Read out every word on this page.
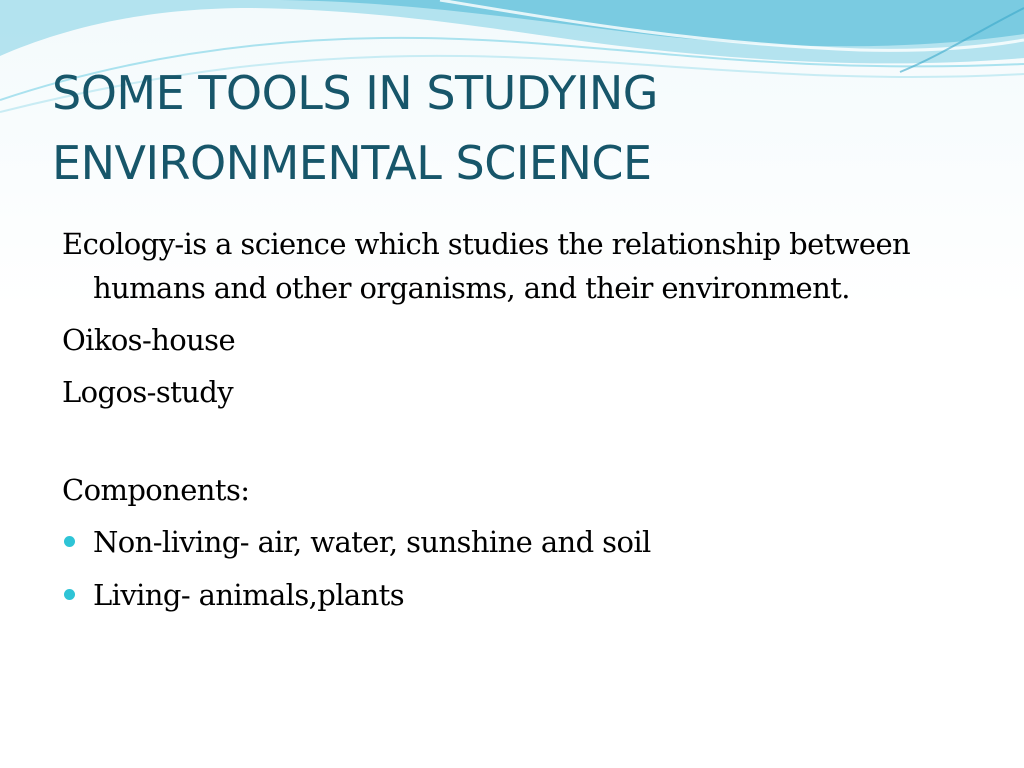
SOME TOOLS IN STUDYING
ENVIRONMENTAL SCIENCE

Ecology-is a science which studies the relationship between humans and other organisms, and their environment.

Oikos-house

Logos-study

Components:

Non-living- air, water, sunshine and soil
Living- animals,plants
